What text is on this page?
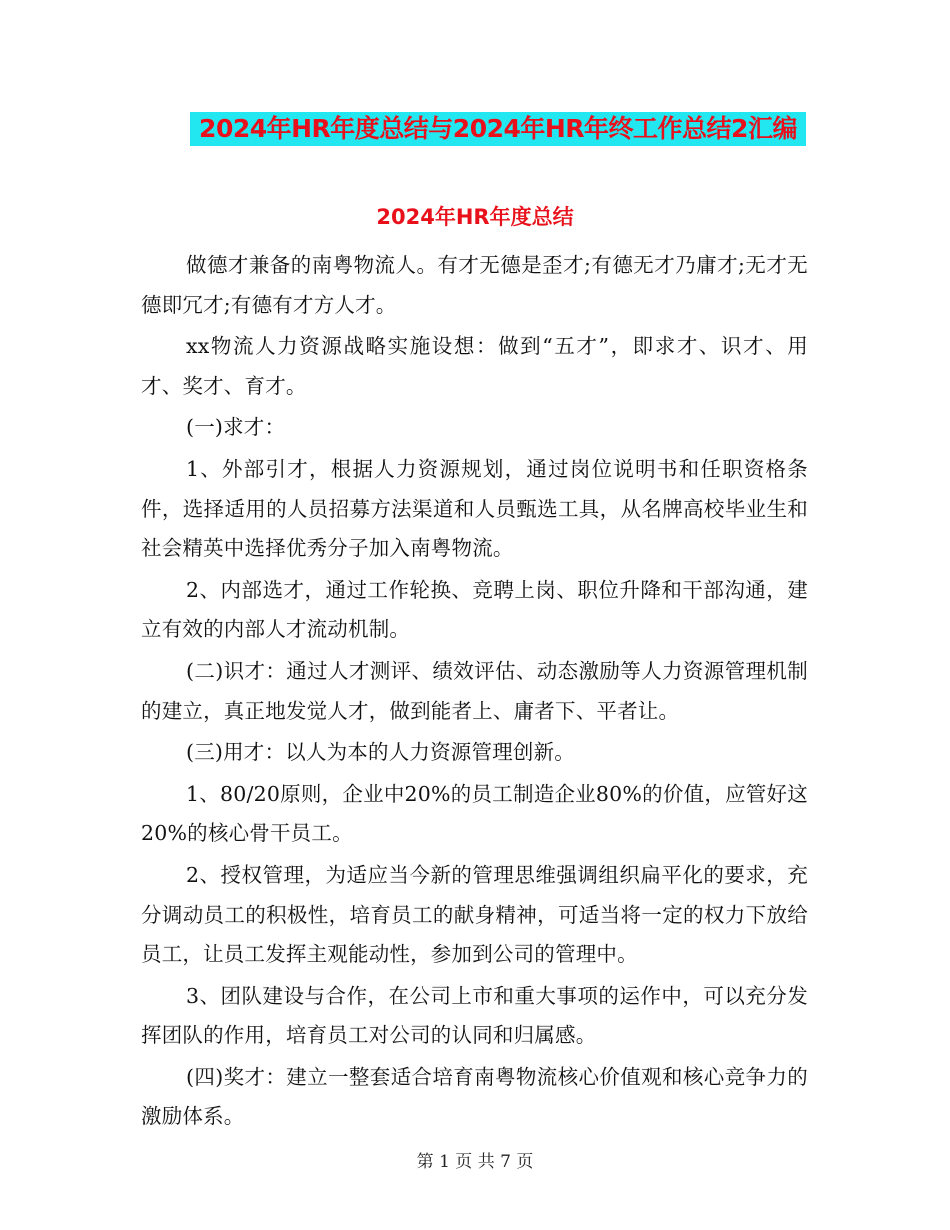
2024年HR年度总结与2024年HR年终工作总结2汇编
2024年HR年度总结

做德才兼备的南粤物流人。有才无德是歪才;有德无才乃庸才;无才无德即冗才;有德有才方人才。

xx物流人力资源战略实施设想：做到“五才”，即求才、识才、用才、奖才、育才。

(一)求才：

1、外部引才，根据人力资源规划，通过岗位说明书和任职资格条件，选择适用的人员招募方法渠道和人员甄选工具，从名牌高校毕业生和社会精英中选择优秀分子加入南粤物流。

2、内部选才，通过工作轮换、竞聘上岗、职位升降和干部沟通，建立有效的内部人才流动机制。

(二)识才：通过人才测评、绩效评估、动态激励等人力资源管理机制的建立，真正地发觉人才，做到能者上、庸者下、平者让。

(三)用才：以人为本的人力资源管理创新。

1、80/20原则，企业中20%的员工制造企业80%的价值，应管好这20%的核心骨干员工。

2、授权管理，为适应当今新的管理思维强调组织扁平化的要求，充分调动员工的积极性，培育员工的献身精神，可适当将一定的权力下放给员工，让员工发挥主观能动性，参加到公司的管理中。

3、团队建设与合作，在公司上市和重大事项的运作中，可以充分发挥团队的作用，培育员工对公司的认同和归属感。

(四)奖才：建立一整套适合培育南粤物流核心价值观和核心竞争力的激励体系。

第 1 页 共 7 页
